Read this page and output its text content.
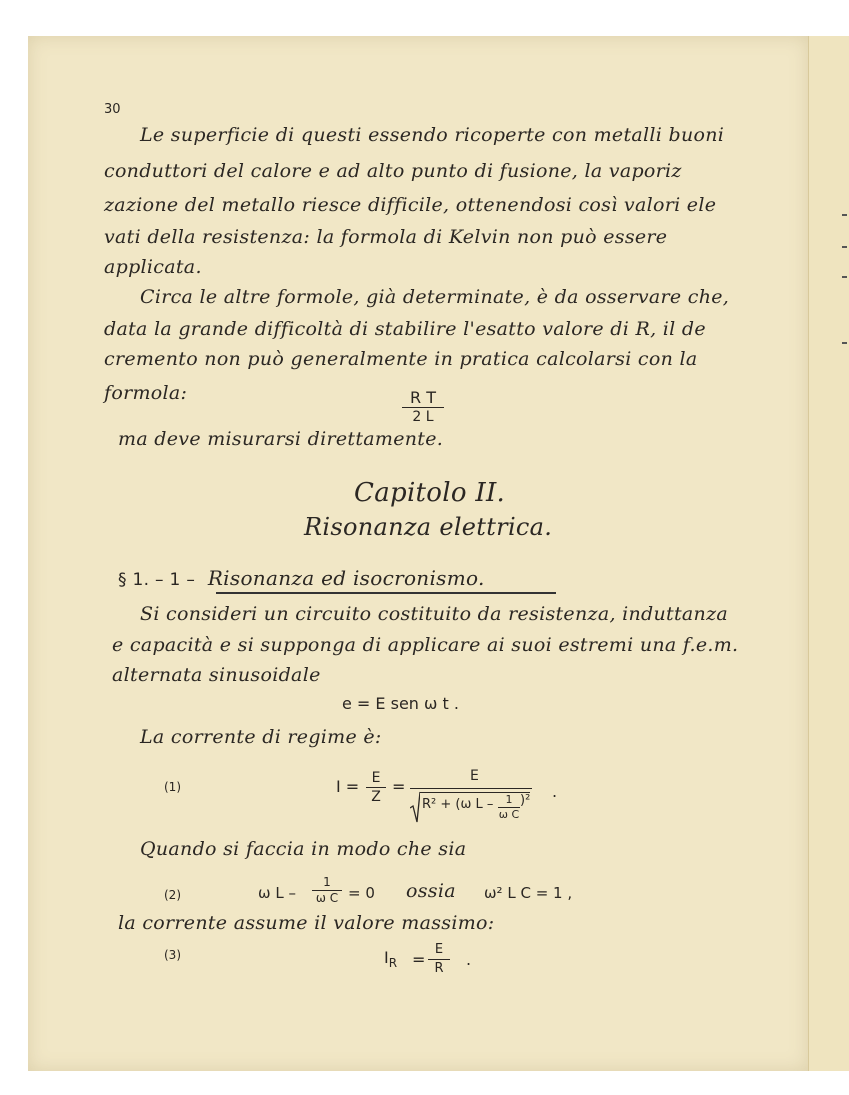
30
Le superficie di questi essendo ricoperte con metalli buoni
conduttori del calore e ad alto punto di fusione, la vaporiz
zazione del metallo riesce difficile, ottenendosi così valori ele
vati della resistenza: la formola di Kelvin non può essere
applicata.
Circa le altre formole, già determinate, è da osservare che,
data la grande difficoltà di stabilire l'esatto valore di R, il de
cremento non può generalmente in pratica calcolarsi con la
formola:	R T
2 L
ma deve misurarsi direttamente.
Capitolo II.
Risonanza elettrica.
§ 1. – 1 – Risonanza ed isocronismo.
Si consideri un circuito costituito da resistenza, induttanza
e capacità e si supponga di applicare ai suoi estremi una f.e.m.
alternata sinusoidale
e = E sen ω t .
La corrente di regime è:
(1)	I = E
Z
=
E
R² + (ω L –	1
ω C
)² .
Quando si faccia in modo che sia
(2)	ω L –
1
ω C = 0 ossia ω² L C = 1 ,
la corrente assume il valore massimo:
(3)	$I_R$ =
E
R	.
